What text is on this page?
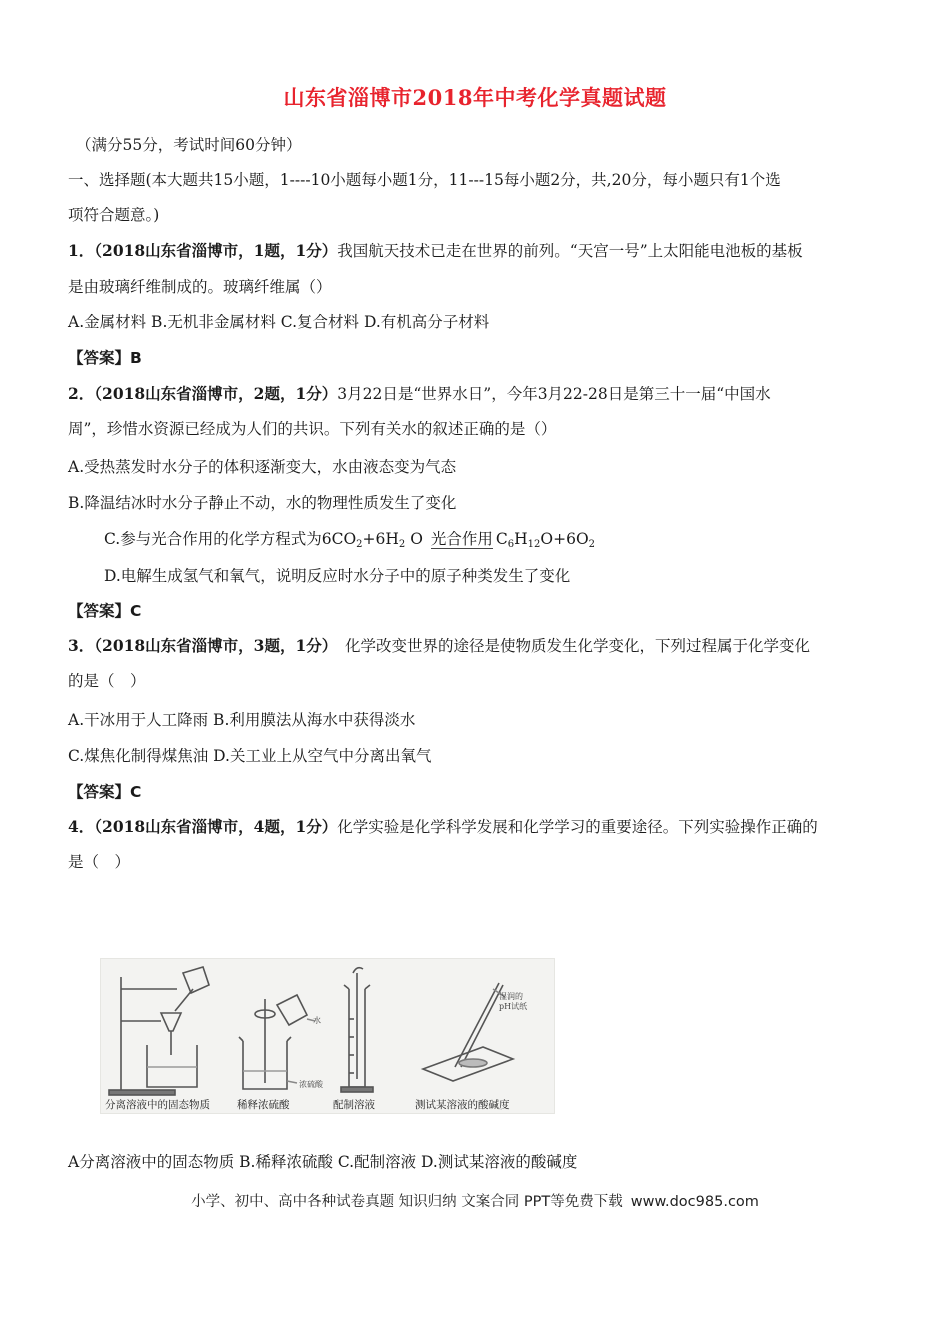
山东省淄博市2018年中考化学真题试题
（满分55分，考试时间60分钟）
一、选择题(本大题共15小题，1----10小题每小题1分，11---15每小题2分，共,20分，每小题只有1个选
项符合题意。)
1．（2018山东省淄博市，1题，1分）我国航天技术已走在世界的前列。“天宫一号”上太阳能电池板的基板
是由玻璃纤维制成的。玻璃纤维属（）
A.金属材料 B.无机非金属材料 C.复合材料 D.有机高分子材料
【答案】B
2．（2018山东省淄博市，2题，1分）3月22日是“世界水日”，今年3月22-28日是第三十一届“中国水
周”，珍惜水资源已经成为人们的共识。下列有关水的叙述正确的是（）
A.受热蒸发时水分子的体积逐渐变大，水由液态变为气态
B.降温结冰时水分子静止不动，水的物理性质发生了变化
C.参与光合作用的化学方程式为$6CO_2+6H_2$ O 光合作用 $C_6H_{12}O+6O_2$
D.电解生成氢气和氧气，说明反应时水分子中的原子种类发生了变化
【答案】C
3．（2018山东省淄博市，3题，1分）　化学改变世界的途径是使物质发生化学变化，下列过程属于化学变化
的是（　）
A.干冰用于人工降雨 B.利用膜法从海水中获得淡水
C.煤焦化制得煤焦油 D.关工业上从空气中分离出氧气
【答案】C
4．（2018山东省淄博市，4题，1分）化学实验是化学科学发展和化学学习的重要途径。下列实验操作正确的
是（　）
水
浓硫酸
湿润的
pH试纸
分离溶液中的固态物质	稀释浓硫酸	配制溶液	测试某溶液的酸碱度
A分离溶液中的固态物质 B.稀释浓硫酸 C.配制溶液 D.测试某溶液的酸碱度
小学、初中、高中各种试卷真题 知识归纳 文案合同 PPT等免费下载 www.doc985.com
